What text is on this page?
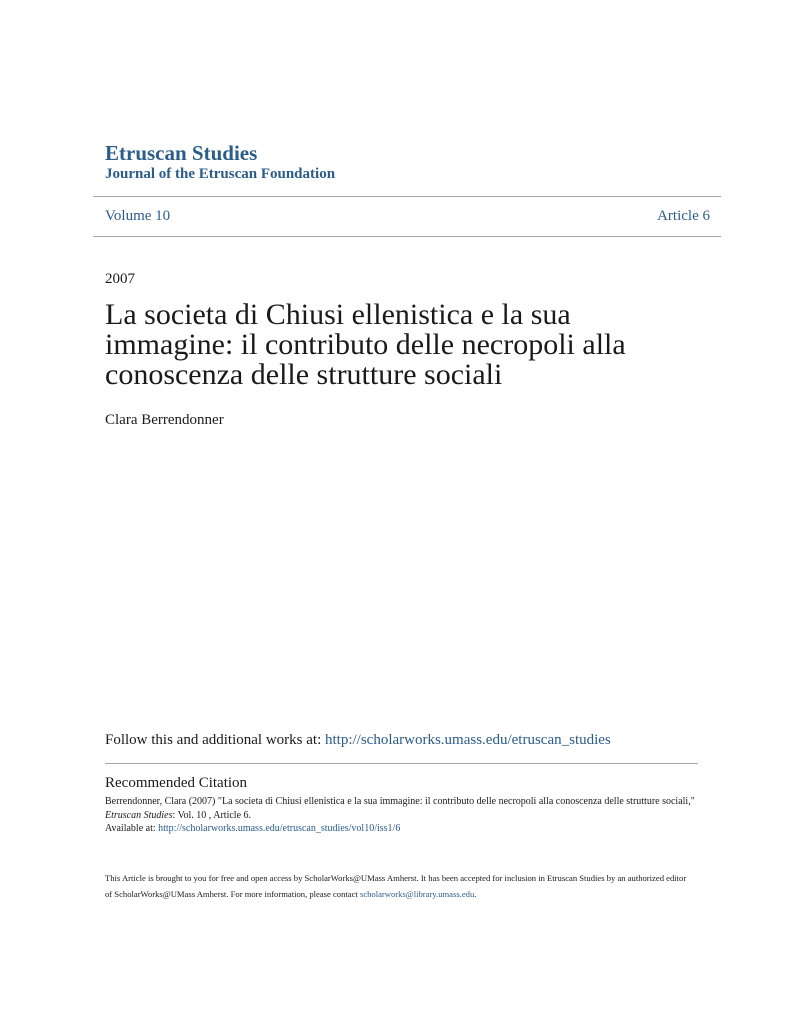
Etruscan Studies
Journal of the Etruscan Foundation
Volume 10	Article 6
2007
La societa di Chiusi ellenistica e la sua immagine: il contributo delle necropoli alla conoscenza delle strutture sociali
Clara Berrendonner
Follow this and additional works at: http://scholarworks.umass.edu/etruscan_studies
Recommended Citation
Berrendonner, Clara (2007) "La societa di Chiusi ellenistica e la sua immagine: il contributo delle necropoli alla conoscenza delle strutture sociali," Etruscan Studies: Vol. 10 , Article 6.
Available at: http://scholarworks.umass.edu/etruscan_studies/vol10/iss1/6
This Article is brought to you for free and open access by ScholarWorks@UMass Amherst. It has been accepted for inclusion in Etruscan Studies by an authorized editor of ScholarWorks@UMass Amherst. For more information, please contact scholarworks@library.umass.edu.
